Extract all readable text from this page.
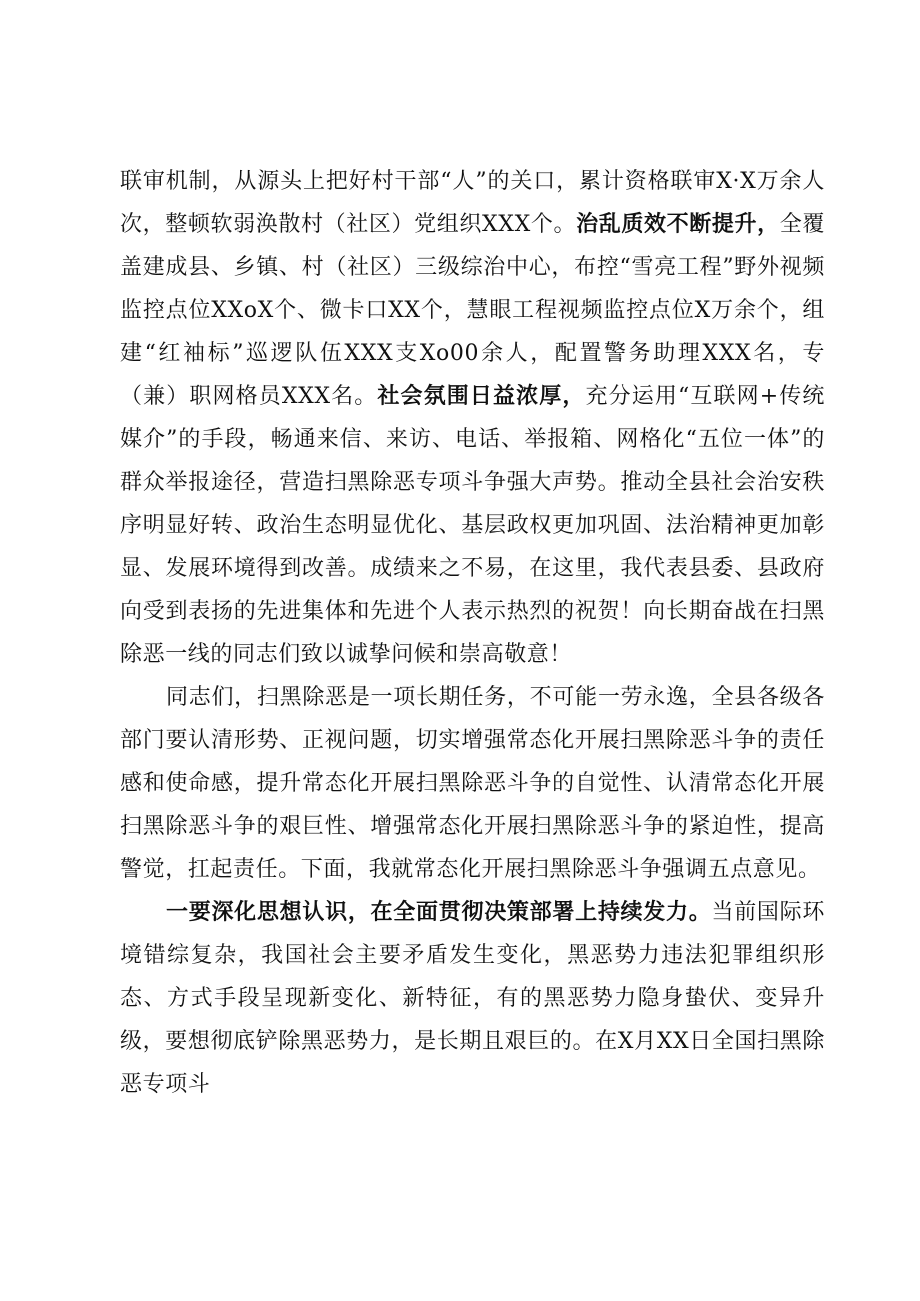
联审机制，从源头上把好村干部“人”的关口，累计资格联审X·X万余人次，整顿软弱涣散村（社区）党组织XXX个。治乱质效不断提升，全覆盖建成县、乡镇、村（社区）三级综治中心，布控“雪亮工程”野外视频监控点位XXoX个、微卡口XX个，慧眼工程视频监控点位X万余个，组建“红袖标”巡逻队伍XXX支Xo00余人，配置警务助理XXX名，专（兼）职网格员XXX名。社会氛围日益浓厚，充分运用“互联网+传统媒介”的手段，畅通来信、来访、电话、举报箱、网格化“五位一体”的群众举报途径，营造扫黑除恶专项斗争强大声势。推动全县社会治安秩序明显好转、政治生态明显优化、基层政权更加巩固、法治精神更加彰显、发展环境得到改善。成绩来之不易，在这里，我代表县委、县政府向受到表扬的先进集体和先进个人表示热烈的祝贺！向长期奋战在扫黑除恶一线的同志们致以诚挚问候和崇高敬意！

同志们，扫黑除恶是一项长期任务，不可能一劳永逸，全县各级各部门要认清形势、正视问题，切实增强常态化开展扫黑除恶斗争的责任感和使命感，提升常态化开展扫黑除恶斗争的自觉性、认清常态化开展扫黑除恶斗争的艰巨性、增强常态化开展扫黑除恶斗争的紧迫性，提高警觉，扛起责任。下面，我就常态化开展扫黑除恶斗争强调五点意见。

一要深化思想认识，在全面贯彻决策部署上持续发力。当前国际环境错综复杂，我国社会主要矛盾发生变化，黑恶势力违法犯罪组织形态、方式手段呈现新变化、新特征，有的黑恶势力隐身蛰伏、变异升级，要想彻底铲除黑恶势力，是长期且艰巨的。在X月XX日全国扫黑除恶专项斗
